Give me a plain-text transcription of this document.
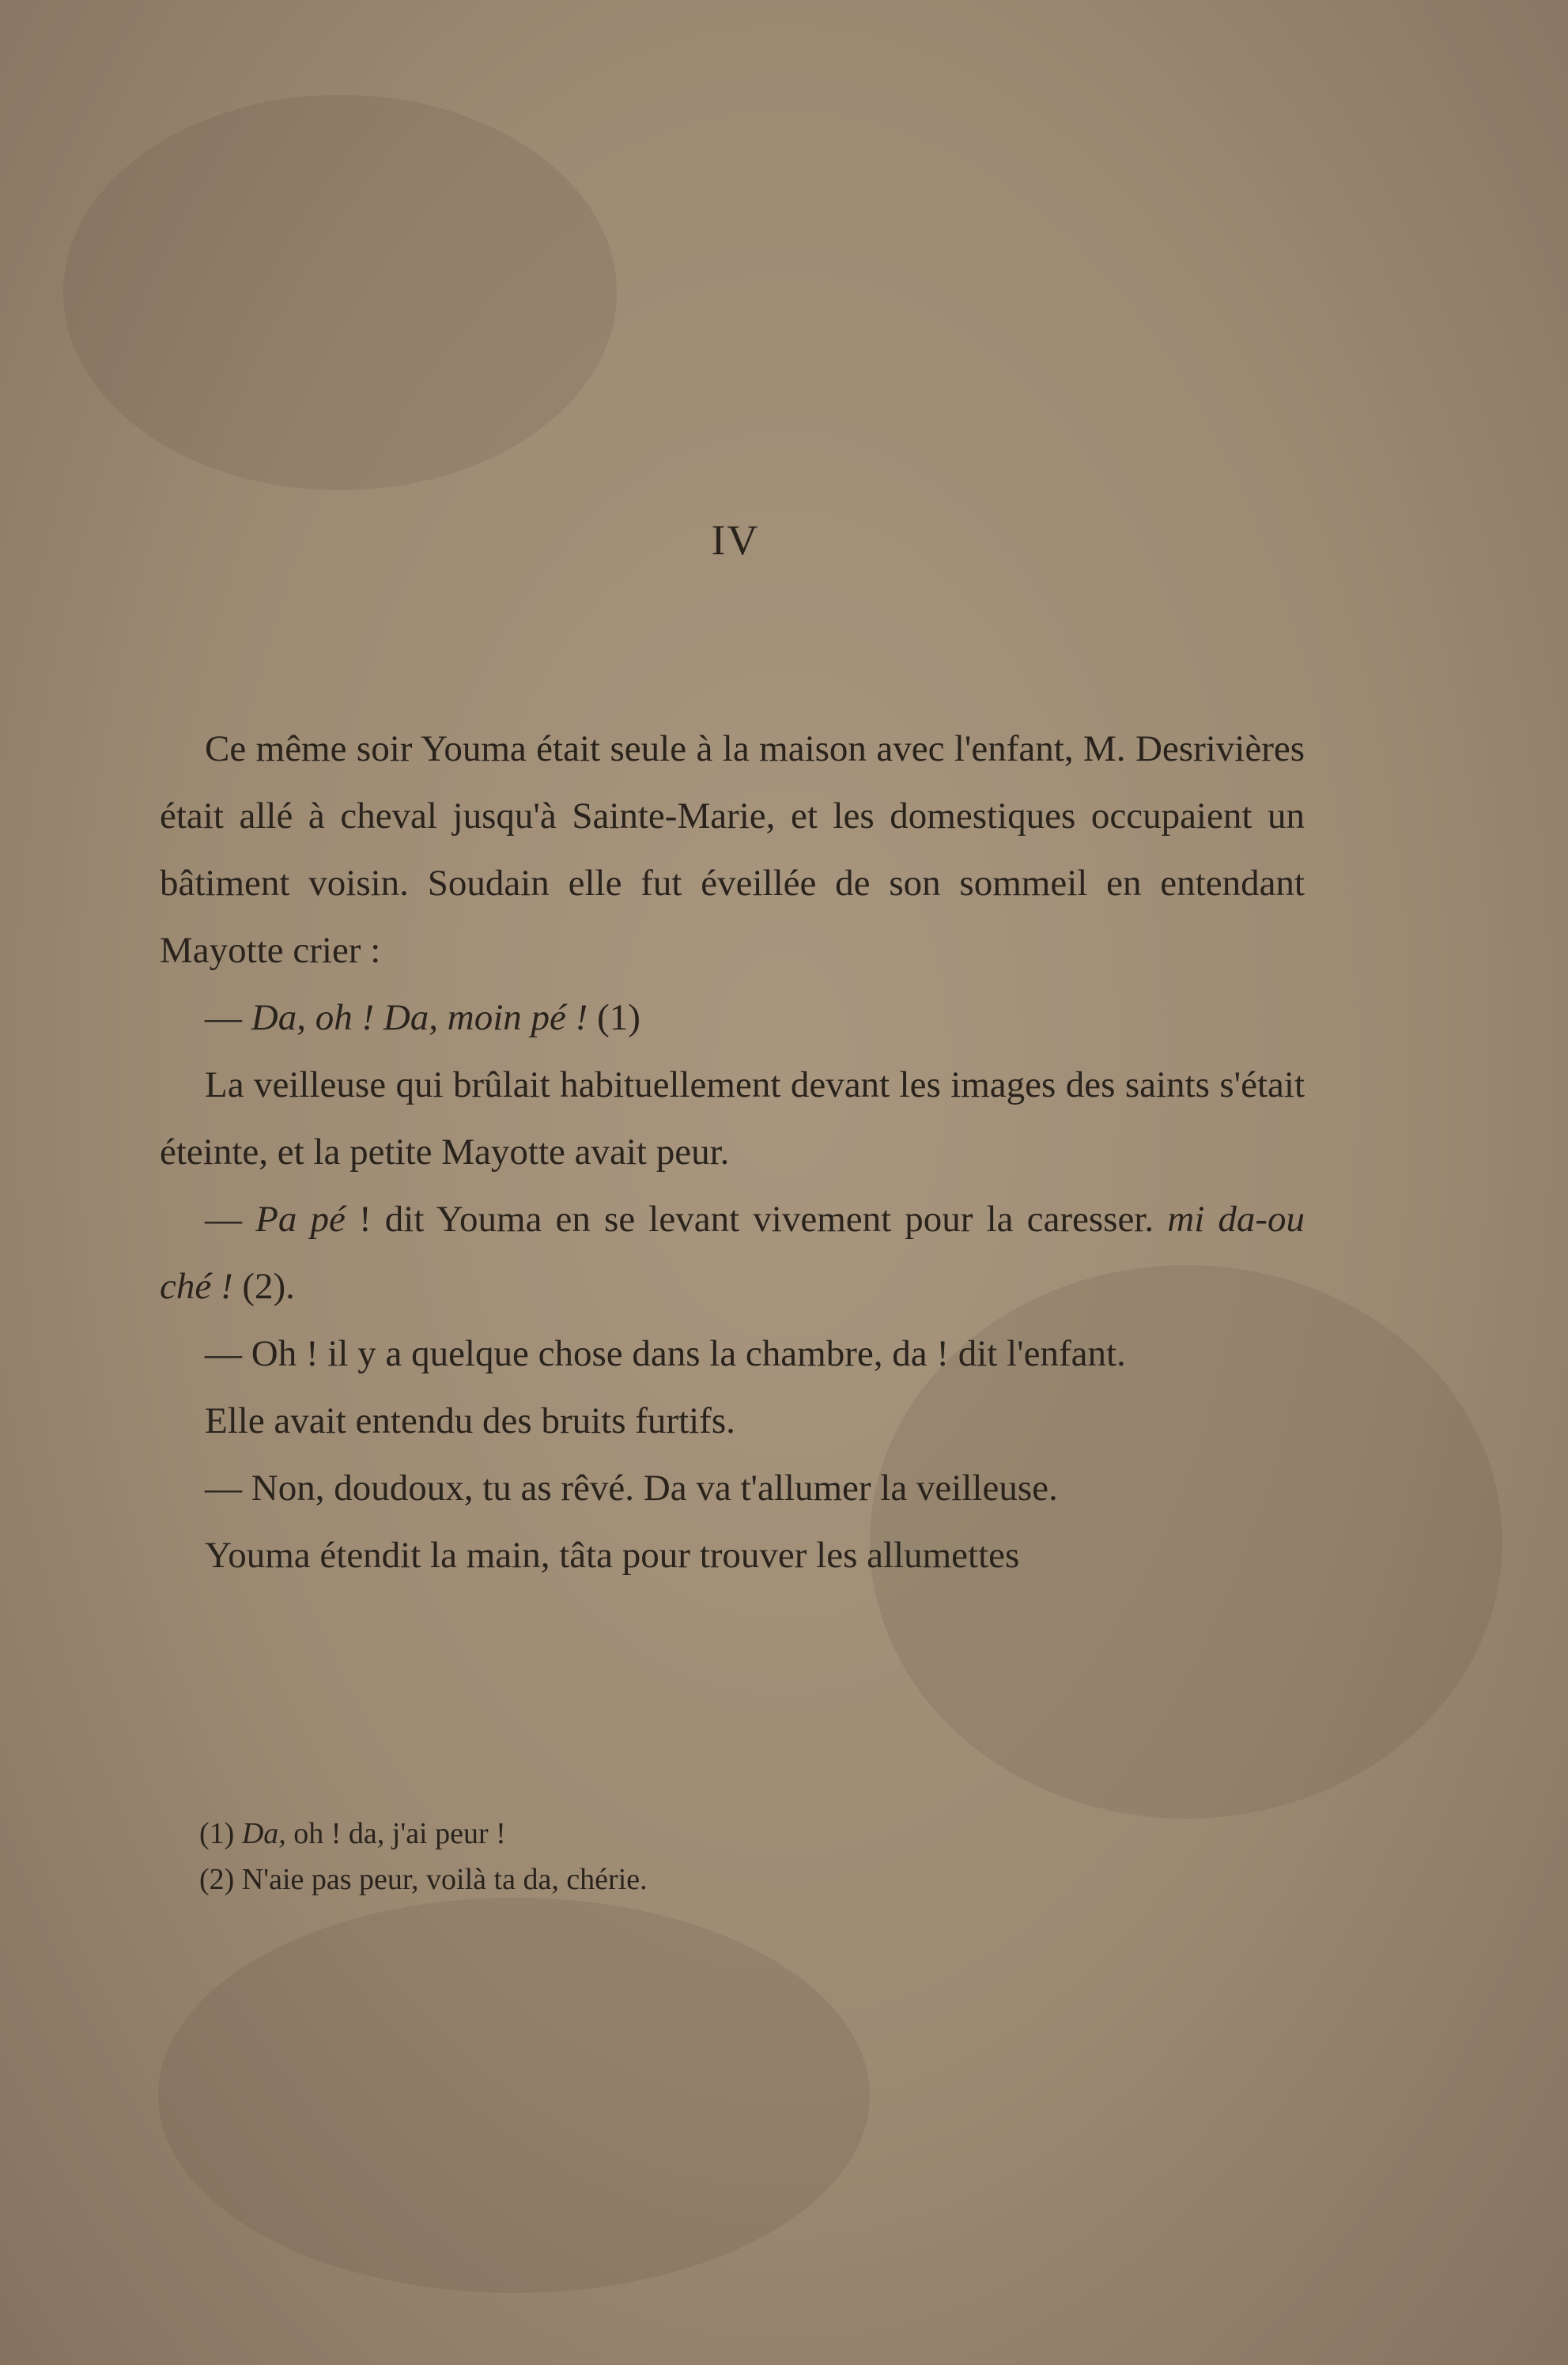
IV

Ce même soir Youma était seule à la maison avec l'enfant, M. Desrivières était allé à cheval jusqu'à Sainte-Marie, et les domestiques occupaient un bâtiment voisin. Soudain elle fut éveillée de son sommeil en entendant Mayotte crier :

— Da, oh ! Da, moin pé ! (1)

La veilleuse qui brûlait habituellement devant les images des saints s'était éteinte, et la petite Mayotte avait peur.

— Pa pé ! dit Youma en se levant vivement pour la caresser. mi da-ou ché ! (2).

— Oh ! il y a quelque chose dans la chambre, da ! dit l'enfant.

Elle avait entendu des bruits furtifs.

— Non, doudoux, tu as rêvé. Da va t'allumer la veilleuse.

Youma étendit la main, tâta pour trouver les allumettes

(1) Da, oh ! da, j'ai peur !

(2) N'aie pas peur, voilà ta da, chérie.
